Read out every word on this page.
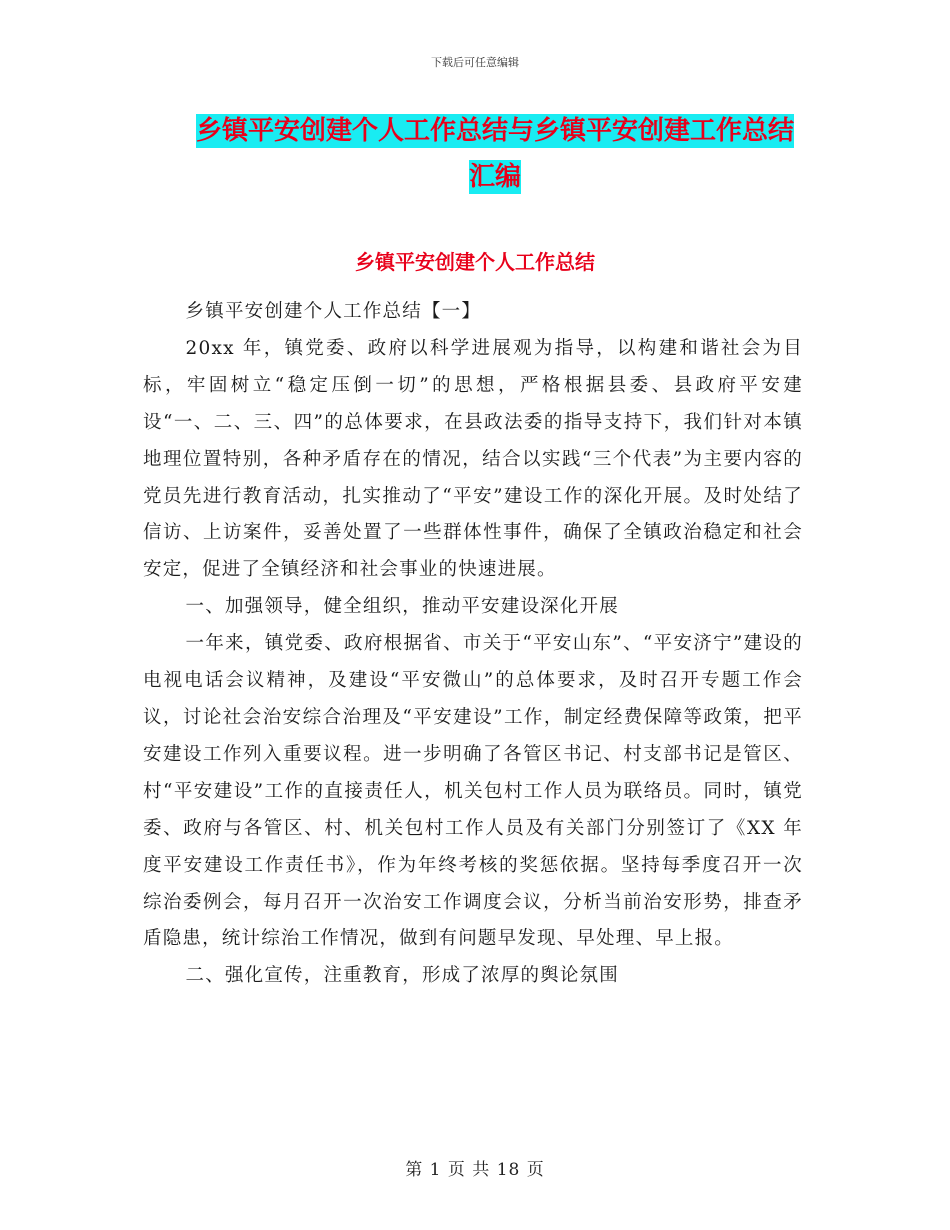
下载后可任意编辑
乡镇平安创建个人工作总结与乡镇平安创建工作总结
汇编
乡镇平安创建个人工作总结

乡镇平安创建个人工作总结【一】

20xx 年，镇党委、政府以科学进展观为指导，以构建和谐社会为目标，牢固树立“稳定压倒一切”的思想，严格根据县委、县政府平安建设“一、二、三、四”的总体要求，在县政法委的指导支持下，我们针对本镇地理位置特别，各种矛盾存在的情况，结合以实践“三个代表”为主要内容的党员先进行教育活动，扎实推动了“平安”建设工作的深化开展。及时处结了信访、上访案件，妥善处置了一些群体性事件，确保了全镇政治稳定和社会安定，促进了全镇经济和社会事业的快速进展。

一、加强领导，健全组织，推动平安建设深化开展

一年来，镇党委、政府根据省、市关于“平安山东”、“平安济宁”建设的电视电话会议精神，及建设“平安微山”的总体要求，及时召开专题工作会议，讨论社会治安综合治理及“平安建设”工作，制定经费保障等政策，把平安建设工作列入重要议程。进一步明确了各管区书记、村支部书记是管区、村“平安建设”工作的直接责任人，机关包村工作人员为联络员。同时，镇党委、政府与各管区、村、机关包村工作人员及有关部门分别签订了《XX 年度平安建设工作责任书》，作为年终考核的奖惩依据。坚持每季度召开一次综治委例会，每月召开一次治安工作调度会议，分析当前治安形势，排查矛盾隐患，统计综治工作情况，做到有问题早发现、早处理、早上报。

二、强化宣传，注重教育，形成了浓厚的舆论氛围

第 1 页 共 18 页
